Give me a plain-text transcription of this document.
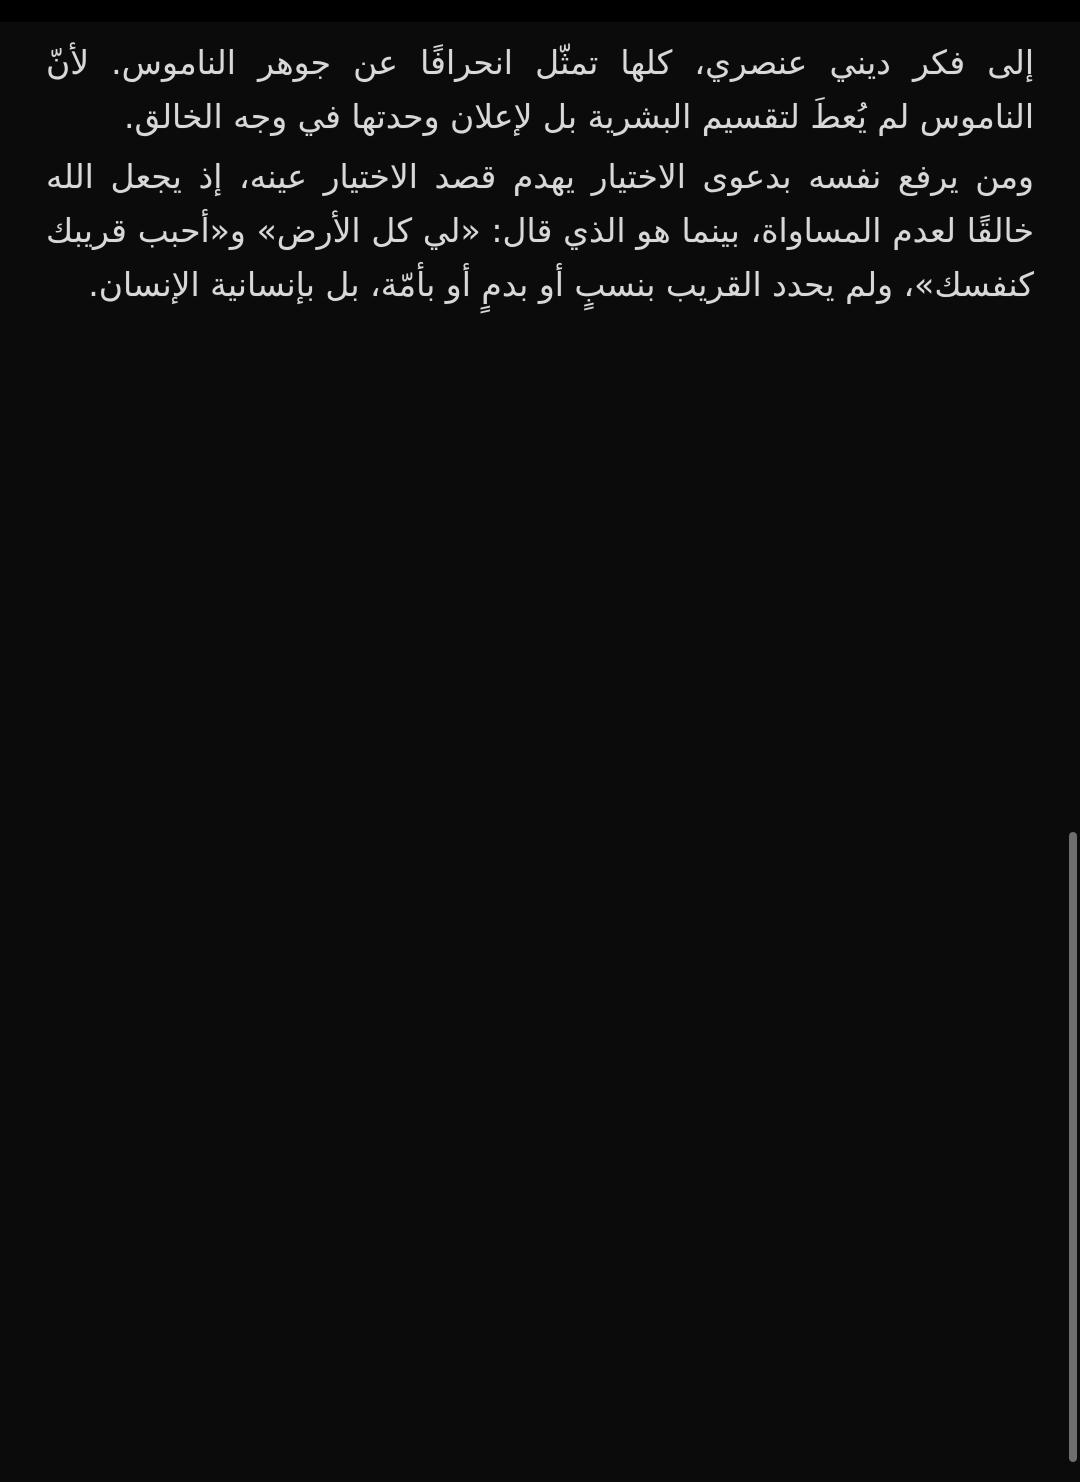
إلى فكر ديني عنصري، كلها تمثّل انحرافًا عن جوهر الناموس. لأنّ الناموس لم يُعطَ لتقسيم البشرية بل لإعلان وحدتها في وجه الخالق.

ومن يرفع نفسه بدعوى الاختيار يهدم قصد الاختيار عينه، إذ يجعل الله خالقًا لعدم المساواة، بينما هو الذي قال: «لي كل الأرض» و«أحبب قريبك كنفسك»، ولم يحدد القريب بنسبٍ أو بدمٍ أو بأمّة، بل بإنسانية الإنسان.
